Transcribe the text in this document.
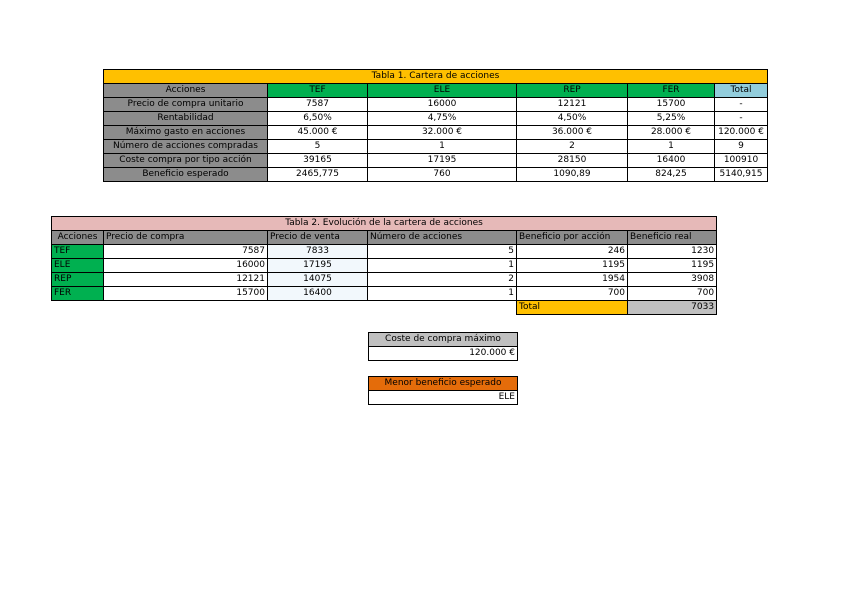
Tabla 1. Cartera de acciones					
Acciones	TEF	ELE	REP	FER	Total
Precio de compra unitario	7587	16000	12121	15700	-
Rentabilidad	6,50%	4,75%	4,50%	5,25%	-
Máximo gasto en acciones	45.000 €	32.000 €	36.000 €	28.000 €	120.000 €
Número de acciones compradas	5	1	2	1	9
Coste compra por tipo acción	39165	17195	28150	16400	100910
Beneficio esperado	2465,775	760	1090,89	824,25	5140,915
Tabla 2. Evolución de la cartera de acciones					
Acciones	Precio de compra	Precio de venta	Número de acciones	Beneficio por acción	Beneficio real
TEF	7587	7833	5	246	1230
ELE	16000	17195	1	1195	1195
REP	12121	14075	2	1954	3908
FER	15700	16400	1	700	700
				Total	7033
Coste de compra máximo
120.000 €
Menor beneficio esperado
ELE
